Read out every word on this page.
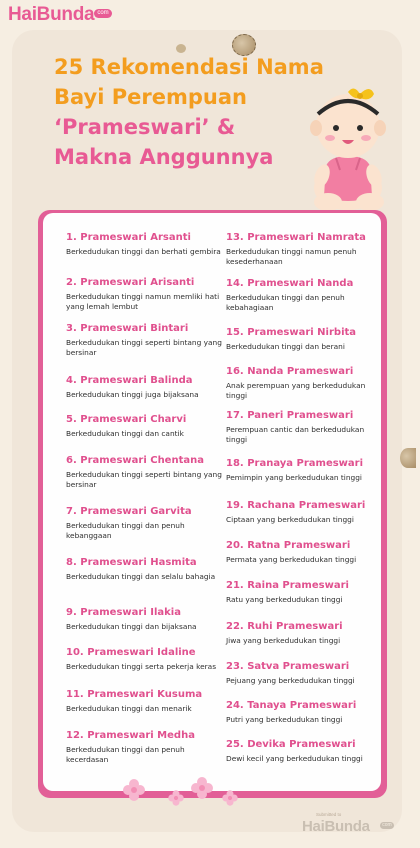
HaiBunda com
25 Rekomendasi Nama
Bayi Perempuan
‘Prameswari’ &
Makna Anggunnya
1. Prameswari Arsanti
Berkedudukan tinggi dan berhati gembira
2. Prameswari Arisanti
Berkedudukan tinggi namun memliki hati yang lemah lembut
3. Prameswari Bintari
Berkedudukan tinggi seperti bintang yang bersinar
4. Prameswari Balinda
Berkedudukan tinggi juga bijaksana
5. Prameswari Charvi
Berkedudukan tinggi dan cantik
6. Prameswari Chentana
Berkedudukan tinggi seperti bintang yang bersinar
7. Prameswari Garvita
Berkedudukan tinggi dan penuh kebanggaan
8. Prameswari Hasmita
Berkedudukan tinggi dan selalu bahagia
9. Prameswari Ilakia
Berkedudukan tinggi dan bijaksana
10. Prameswari Idaline
Berkedudukan tinggi serta pekerja keras
11. Prameswari Kusuma
Berkedudukan tinggi dan menarik
12. Prameswari Medha
Berkedudukan tinggi dan penuh kecerdasan
13. Prameswari Namrata
Berkedudukan tinggi namun penuh kesederhanaan
14. Prameswari Nanda
Berkedudukan tinggi dan penuh kebahagiaan
15. Prameswari Nirbita
Berkedudukan tinggi dan berani
16. Nanda Prameswari
Anak perempuan yang berkedudukan tinggi
17. Paneri Prameswari
Perempuan cantic dan berkedudukan tinggi
18. Pranaya Prameswari
Pemimpin yang berkedudukan tinggi
19. Rachana Prameswari
Ciptaan yang berkedudukan tinggi
20. Ratna Prameswari
Permata yang berkedudukan tinggi
21. Raina Prameswari
Ratu yang berkedudukan tinggi
22. Ruhi Prameswari
Jiwa yang berkedudukan tinggi
23. Satva Prameswari
Pejuang yang berkedudukan tinggi
24. Tanaya Prameswari
Putri yang berkedudukan tinggi
25. Devika Prameswari
Dewi kecil yang berkedudukan tinggi
Submitted to
HaiBunda	com
